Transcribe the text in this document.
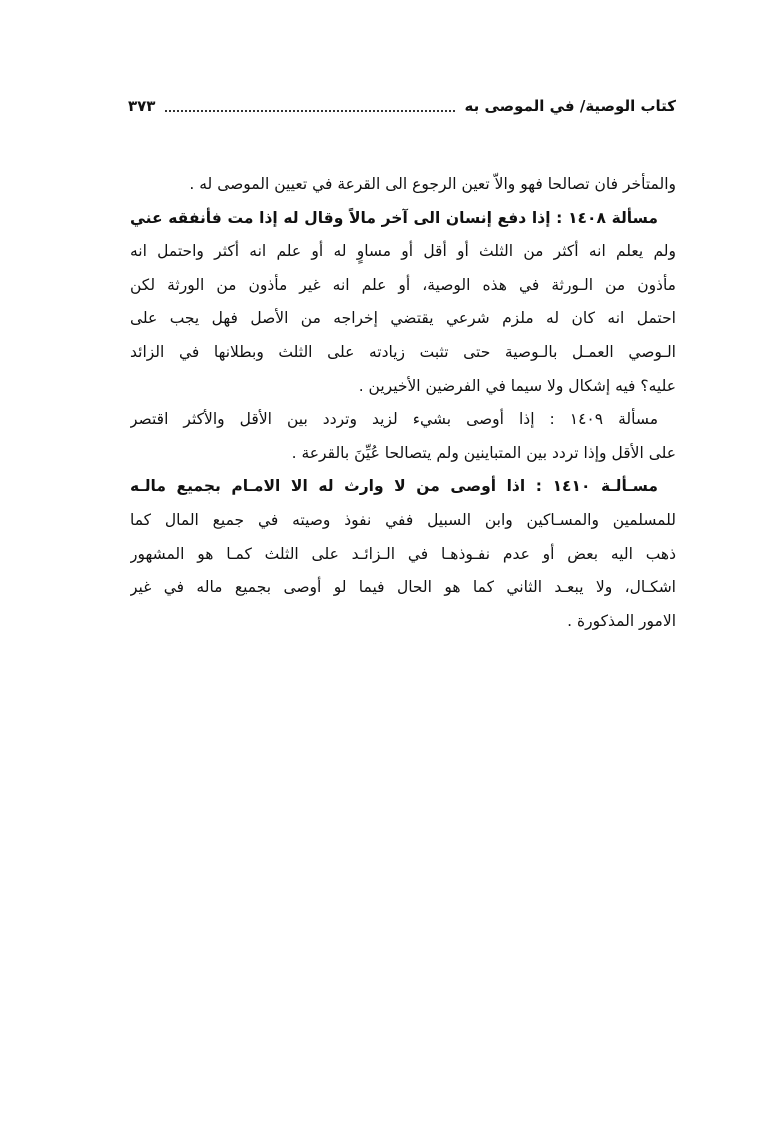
كتاب الوصية/ في الموصى به
٣٧٣
والمتأخر فان تصالحا فهو والاّ تعين الرجوع الى القرعة في تعيين الموصى له .
مسألة ١٤٠٨ : إذا دفع إنسان الى آخر مالاً وقال له إذا مت فأنفقه عني
ولم يعلم انه أكثر من الثلث أو أقل أو مساوٍ له أو علم انه أكثر واحتمل انه
مأذون من الـورثة في هذه الوصية، أو علم انه غير مأذون من الورثة لكن
احتمل انه كان له ملزم شرعي يقتضي إخراجه من الأصل فهل يجب على
الـوصي العمـل بالـوصية حتى تثبت زيادته على الثلث وبطلانها في الزائد
عليه؟ فيه إشكال ولا سيما في الفرضين الأخيرين .
مسألة ١٤٠٩ : إذا أوصى بشيء لزيد وتردد بين الأقل والأكثر اقتصر
على الأقل وإذا تردد بين المتباينين ولم يتصالحا عُيِّنَ بالقرعة .
مسـألـة ١٤١٠ : اذا أوصى من لا وارث له الا الامـام بجميع مالـه
للمسلمين والمسـاكين وابن السبيل ففي نفوذ وصيته في جميع المال كما
ذهب اليه بعض أو عدم نفـوذهـا في الـزائـد على الثلث كمـا هو المشهور
اشكـال، ولا يبعـد الثاني كما هو الحال فيما لو أوصى بجميع ماله في غير
الامور المذكورة .
